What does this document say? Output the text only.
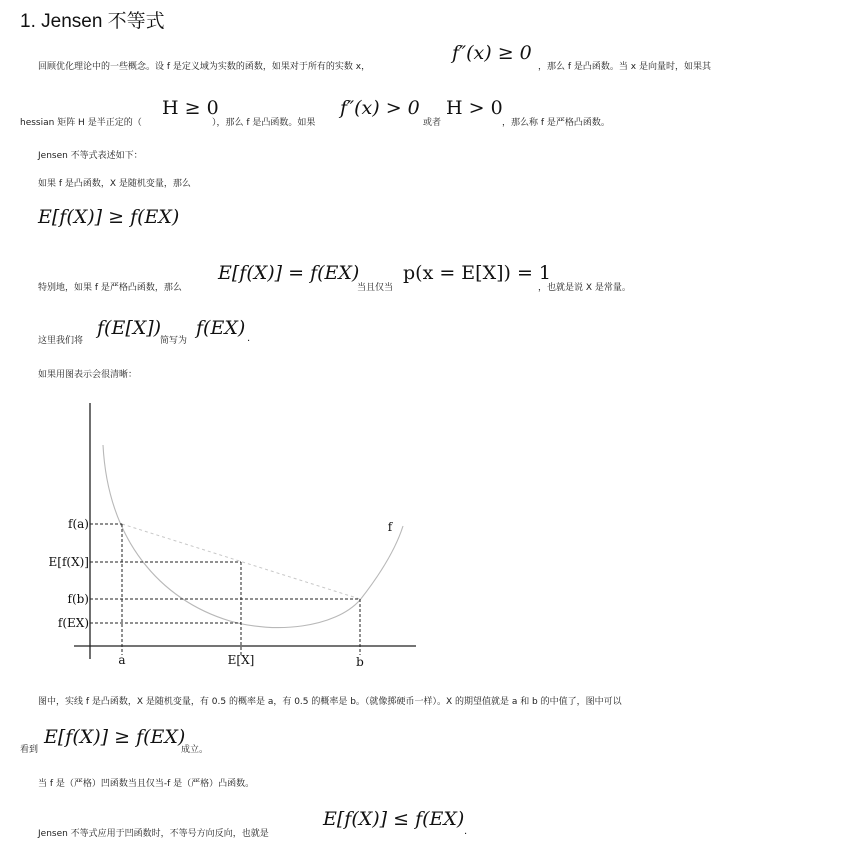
1. Jensen 不等式
回顾优化理论中的一些概念。设 f 是定义域为实数的函数，如果对于所有的实数 x，
f″(x) ≥ 0
，那么 f 是凸函数。当 x 是向量时，如果其
hessian 矩阵 H 是半正定的（
H ≥ 0
），那么 f 是凸函数。如果
f″(x) > 0
或者
H > 0
，那么称 f 是严格凸函数。
Jensen 不等式表述如下：
如果 f 是凸函数，X 是随机变量，那么
E[f(X)] ≥ f(EX)
特别地，如果 f 是严格凸函数，那么
E[f(X)] = f(EX)
当且仅当
p(x = E[X]) = 1
，也就是说 X 是常量。
这里我们将
f(E[X])
简写为
f(EX) .
如果用图表示会很清晰：
f(a)
E[f(X)]
f(b)
f(EX)
a	E[X]	b
f
图中，实线 f 是凸函数，X 是随机变量，有 0.5 的概率是 a，有 0.5 的概率是 b。（就像掷硬币一样）。X 的期望值就是 a 和 b 的中值了，图中可以
看到
E[f(X)] ≥ f(EX)
成立。
当 f 是（严格）凹函数当且仅当-f 是（严格）凸函数。
Jensen 不等式应用于凹函数时，不等号方向反向，也就是
E[f(X)] ≤ f(EX)
.
